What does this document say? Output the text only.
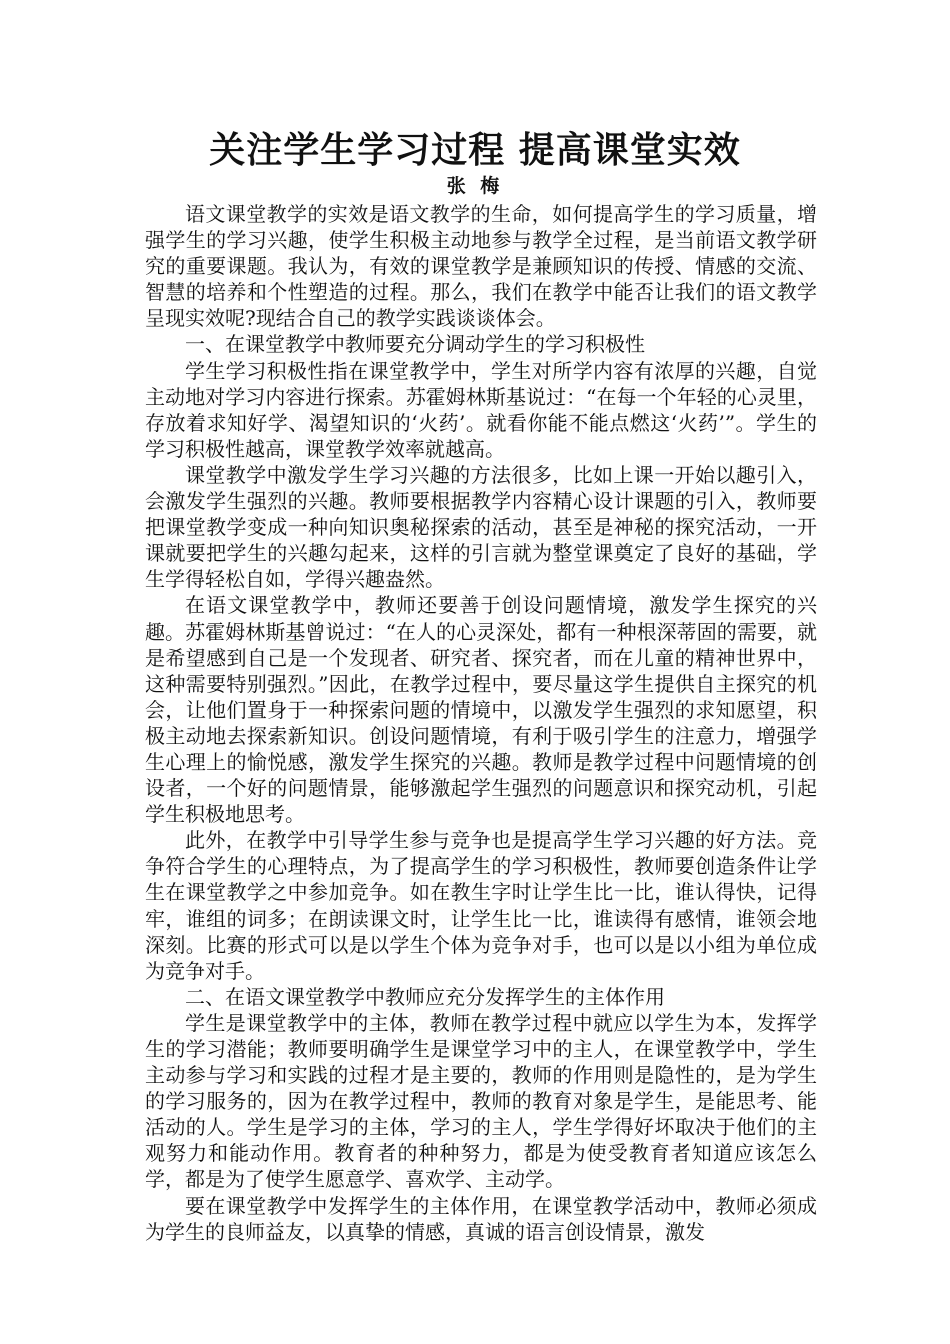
关注学生学习过程 提高课堂实效
张 梅

语文课堂教学的实效是语文教学的生命，如何提高学生的学习质量，增强学生的学习兴趣，使学生积极主动地参与教学全过程，是当前语文教学研究的重要课题。我认为，有效的课堂教学是兼顾知识的传授、情感的交流、智慧的培养和个性塑造的过程。那么，我们在教学中能否让我们的语文教学呈现实效呢?现结合自己的教学实践谈谈体会。

一、在课堂教学中教师要充分调动学生的学习积极性

学生学习积极性指在课堂教学中，学生对所学内容有浓厚的兴趣，自觉主动地对学习内容进行探索。苏霍姆林斯基说过：“在每一个年轻的心灵里，存放着求知好学、渴望知识的‘火药’。就看你能不能点燃这‘火药’”。学生的学习积极性越高，课堂教学效率就越高。

课堂教学中激发学生学习兴趣的方法很多，比如上课一开始以趣引入，会激发学生强烈的兴趣。教师要根据教学内容精心设计课题的引入，教师要把课堂教学变成一种向知识奥秘探索的活动，甚至是神秘的探究活动，一开课就要把学生的兴趣勾起来，这样的引言就为整堂课奠定了良好的基础，学生学得轻松自如，学得兴趣盎然。

在语文课堂教学中，教师还要善于创设问题情境，激发学生探究的兴趣。苏霍姆林斯基曾说过：“在人的心灵深处，都有一种根深蒂固的需要，就是希望感到自己是一个发现者、研究者、探究者，而在儿童的精神世界中，这种需要特别强烈。”因此，在教学过程中，要尽量这学生提供自主探究的机会，让他们置身于一种探索问题的情境中，以激发学生强烈的求知愿望，积极主动地去探索新知识。创设问题情境，有利于吸引学生的注意力，增强学生心理上的愉悦感，激发学生探究的兴趣。教师是教学过程中问题情境的创设者，一个好的问题情景，能够激起学生强烈的问题意识和探究动机，引起学生积极地思考。

此外，在教学中引导学生参与竞争也是提高学生学习兴趣的好方法。竞争符合学生的心理特点，为了提高学生的学习积极性，教师要创造条件让学生在课堂教学之中参加竞争。如在教生字时让学生比一比，谁认得快，记得牢，谁组的词多；在朗读课文时，让学生比一比，谁读得有感情，谁领会地深刻。比赛的形式可以是以学生个体为竞争对手，也可以是以小组为单位成为竞争对手。

二、在语文课堂教学中教师应充分发挥学生的主体作用

学生是课堂教学中的主体，教师在教学过程中就应以学生为本，发挥学生的学习潜能；教师要明确学生是课堂学习中的主人，在课堂教学中，学生主动参与学习和实践的过程才是主要的，教师的作用则是隐性的，是为学生的学习服务的，因为在教学过程中，教师的教育对象是学生，是能思考、能活动的人。学生是学习的主体，学习的主人，学生学得好坏取决于他们的主观努力和能动作用。教育者的种种努力，都是为使受教育者知道应该怎么学，都是为了使学生愿意学、喜欢学、主动学。

要在课堂教学中发挥学生的主体作用，在课堂教学活动中，教师必须成为学生的良师益友，以真挚的情感，真诚的语言创设情景，激发
